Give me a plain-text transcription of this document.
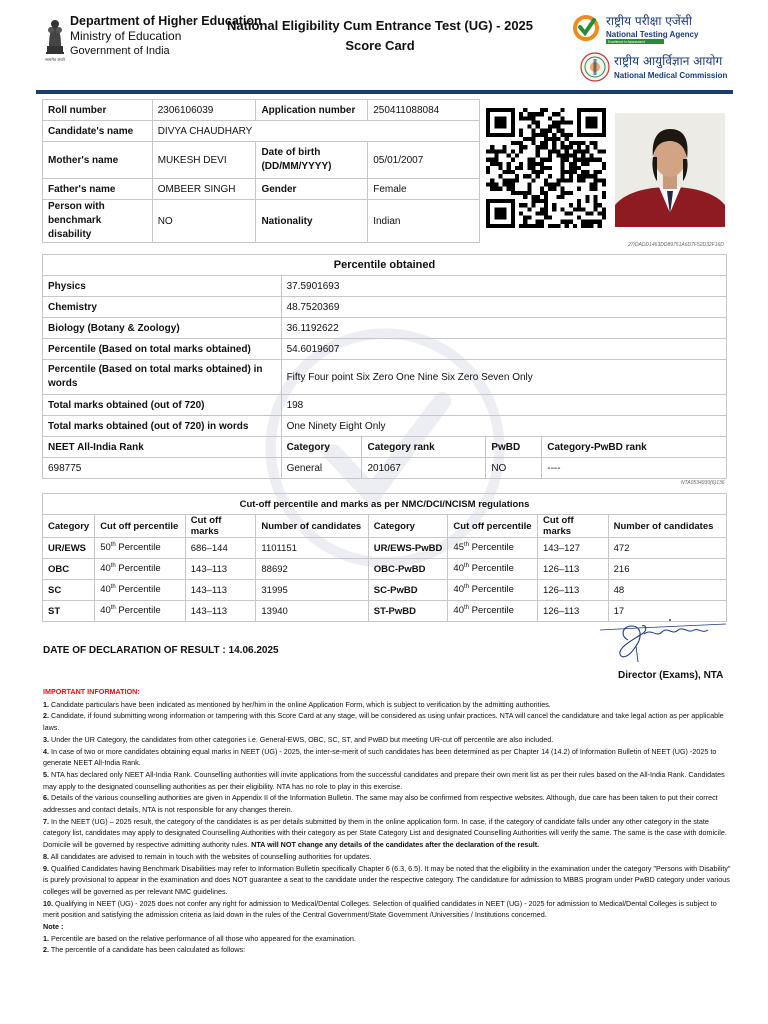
सत्यमेव जयते
Department of Higher Education
Ministry of Education
Government of India
National Eligibility Cum Entrance Test (UG) - 2025
Score Card
राष्ट्रीय परीक्षा एजेंसी
National Testing Agency
Excellence in Assessment
राष्ट्रीय आयुर्विज्ञान आयोग
National Medical Commission
Roll number	2306106039	Application number	250411088084
Candidate's name	DIVYA CHAUDHARY		
Mother's name	MUKESH DEVI	Date of birth (DD/MM/YYYY)	05/01/2007
Father's name	OMBEER SINGH	Gender	Female
Person with benchmark disability	NO	Nationality	Indian
27/DADD1463DD89751A6D7F52D32F16D
Percentile obtained				
Physics	37.5901693			
Chemistry	48.7520369			
Biology (Botany & Zoology)	36.1192622			
Percentile (Based on total marks obtained)	54.6019607			
Percentile (Based on total marks obtained) in words	Fifty Four point Six Zero One Nine Six Zero Seven Only			
Total marks obtained (out of 720)	198			
Total marks obtained (out of 720) in words	One Ninety Eight Only			
NEET All-India Rank	Category	Category rank	PwBD	Category-PwBD rank
698775	General	201067	NO	----
NTA0534930(6)136
Cut-off percentile and marks as per NMC/DCI/NCISM regulations							
Category	Cut off percentile	Cut off marks	Number of candidates	Category	Cut off percentile	Cut off marks	Number of candidates
UR/EWS	50th Percentile	686–144	1101151	UR/EWS-PwBD	45th Percentile	143–127	472
OBC	40th Percentile	143–113	88692	OBC-PwBD	40th Percentile	126–113	216
SC	40th Percentile	143–113	31995	SC-PwBD	40th Percentile	126–113	48
ST	40th Percentile	143–113	13940	ST-PwBD	40th Percentile	126–113	17
DATE OF DECLARATION OF RESULT : 14.06.2025
Director (Exams), NTA

IMPORTANT INFORMATION:

1. Candidate particulars have been indicated as mentioned by her/him in the online Application Form, which is subject to verification by the admitting authorities.

2. Candidate, if found submitting wrong information or tampering with this Score Card at any stage, will be considered as using unfair practices. NTA will cancel the candidature and take legal action as per applicable laws.

3. Under the UR Category, the candidates from other categories i.e. General-EWS, OBC, SC, ST, and PwBD but meeting UR-cut off percentile are also included.

4. In case of two or more candidates obtaining equal marks in NEET (UG) - 2025, the inter-se-merit of such candidates has been determined as per Chapter 14 (14.2) of Information Bulletin of NEET (UG) -2025 to generate NEET All-India Rank.

5. NTA has declared only NEET All-India Rank. Counselling authorities will invite applications from the successful candidates and prepare their own merit list as per their rules based on the All-India Rank. Candidates may apply to the designated counselling authorities as per their eligibility. NTA has no role to play in this exercise.

6. Details of the various counselling authorities are given in Appendix II of the Information Bulletin. The same may also be confirmed from respective websites. Although, due care has been taken to put their correct addresses and contact details, NTA is not responsible for any changes therein.

7. In the NEET (UG) – 2025 result, the category of the candidates is as per details submitted by them in the online application form. In case, if the category of candidate falls under any other category in the state category list, candidates may apply to designated Counselling Authorities with their category as per State Category List and designated Counselling Authorities will verify the same. The same is the case with domicile. Domicile will be governed by respective admitting authority rules. NTA will NOT change any details of the candidates after the declaration of the result.

8. All candidates are advised to remain in touch with the websites of counselling authorities for updates.

9. Qualified Candidates having Benchmark Disabilities may refer to Information Bulletin specifically Chapter 6 (6.3, 6.5). It may be noted that the eligibility in the examination under the category "Persons with Disability" is purely provisional to appear in the examination and does NOT guarantee a seat to the candidate under the respective category. The candidature for admission to MBBS program under PwBD category under various colleges will be governed as per relevant NMC guidelines.

10. Qualifying in NEET (UG) - 2025 does not confer any right for admission to Medical/Dental Colleges. Selection of qualified candidates in NEET (UG) - 2025 for admission to Medical/Dental Colleges is subject to merit position and satisfying the admission criteria as laid down in the rules of the Central Government/State Government /Universities / Institutions concerned.

Note :

1. Percentile are based on the relative performance of all those who appeared for the examination.

2. The percentile of a candidate has been calculated as follows:
